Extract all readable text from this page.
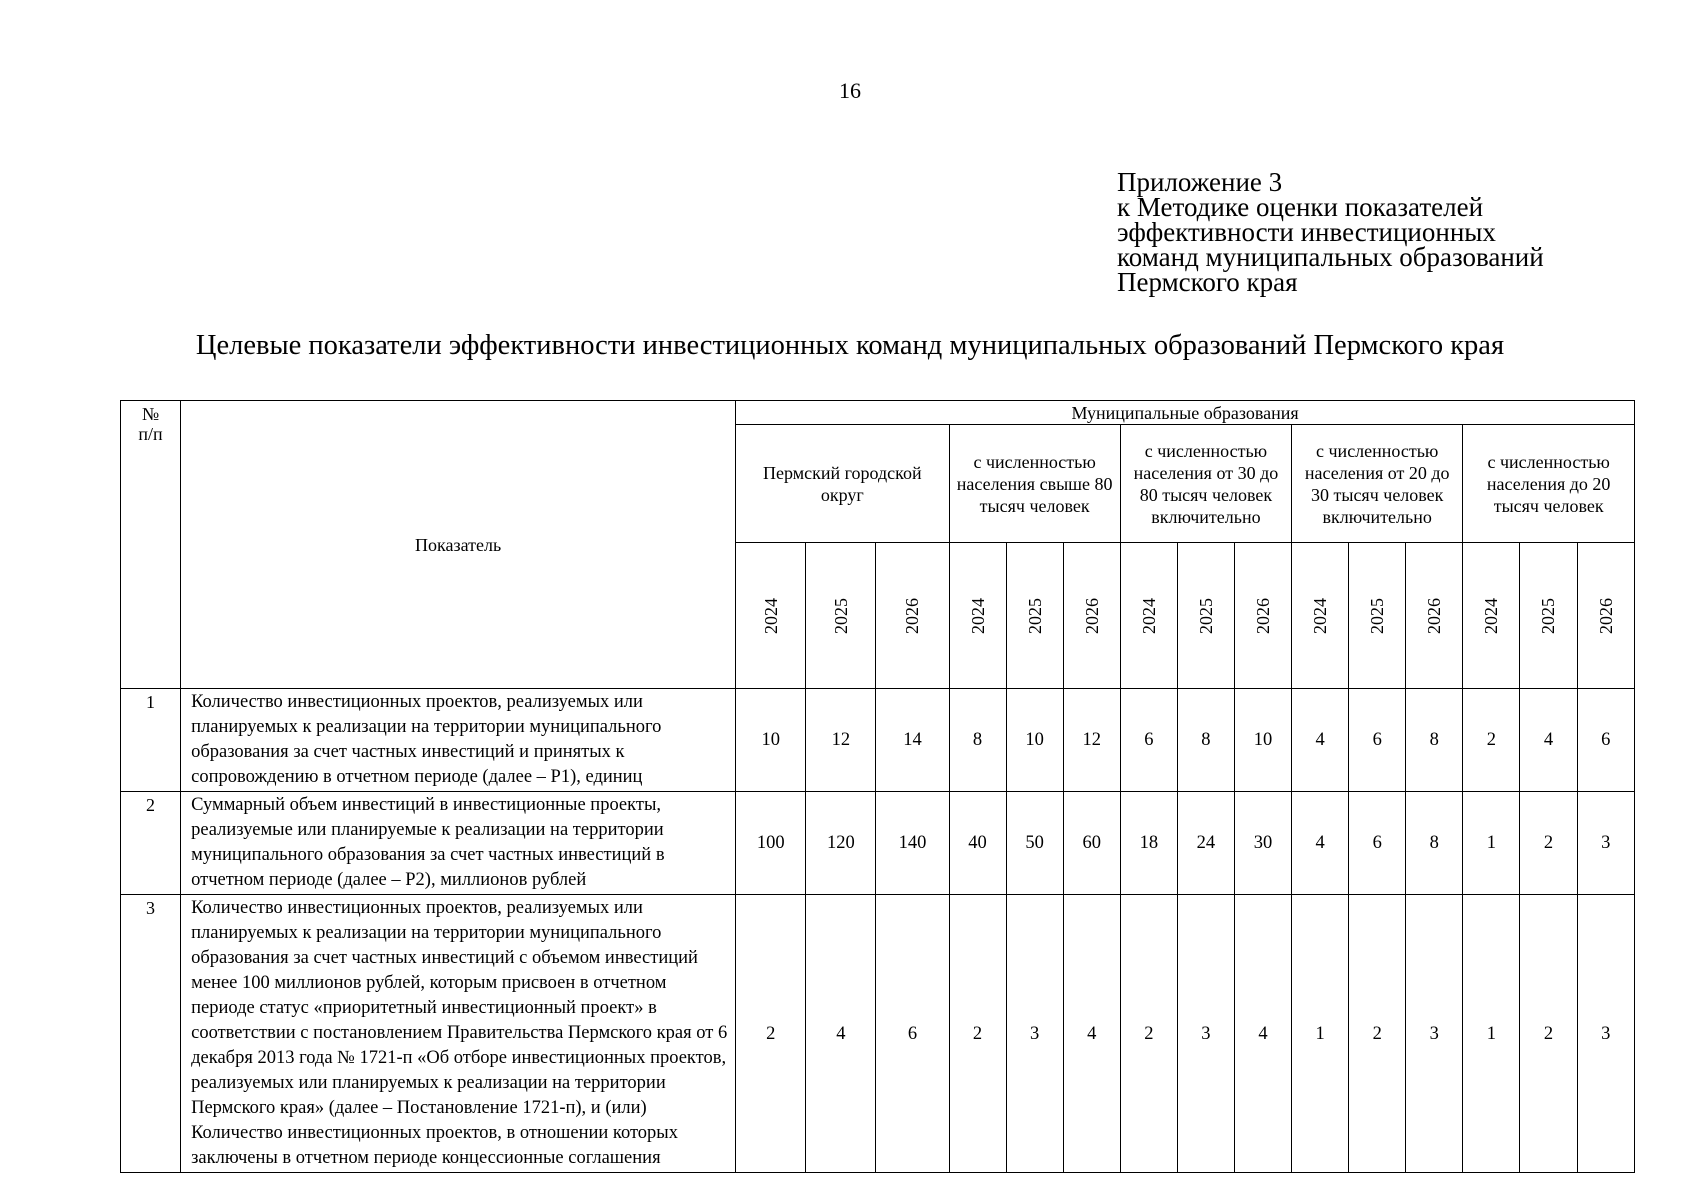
16
Приложение 3
к Методике оценки показателей
эффективности инвестиционных
команд муниципальных образований
Пермского края
Целевые показатели эффективности инвестиционных команд муниципальных образований Пермского края
№
п/п	Показатель	Муниципальные образования														
		Пермский городской округ			с численностью населения свыше 80 тысяч человек			с численностью населения от 30 до 80 тысяч человек включительно			с численностью населения от 20 до 30 тысяч человек включительно			с численностью населения до 20 тысяч человек		
		2024	2025	2026	2024	2025	2026	2024	2025	2026	2024	2025	2026	2024	2025	2026
1	Количество инвестиционных проектов, реализуемых или планируемых к реализации на территории муниципального образования за счет частных инвестиций и принятых к сопровождению в отчетном периоде (далее – P1), единиц	10	12	14	8	10	12	6	8	10	4	6	8	2	4	6
2	Суммарный объем инвестиций в инвестиционные проекты, реализуемые или планируемые к реализации на территории муниципального образования за счет частных инвестиций в отчетном периоде (далее – P2), миллионов рублей	100	120	140	40	50	60	18	24	30	4	6	8	1	2	3
3	Количество инвестиционных проектов, реализуемых или планируемых к реализации на территории муниципального образования за счет частных инвестиций с объемом инвестиций менее 100 миллионов рублей, которым присвоен в отчетном периоде статус «приоритетный инвестиционный проект» в соответствии с постановлением Правительства Пермского края от 6 декабря 2013 года № 1721-п «Об отборе инвестиционных проектов, реализуемых или планируемых к реализации на территории Пермского края» (далее – Постановление 1721-п), и (или) Количество инвестиционных проектов, в отношении которых заключены в отчетном периоде концессионные соглашения	2	4	6	2	3	4	2	3	4	1	2	3	1	2	3
